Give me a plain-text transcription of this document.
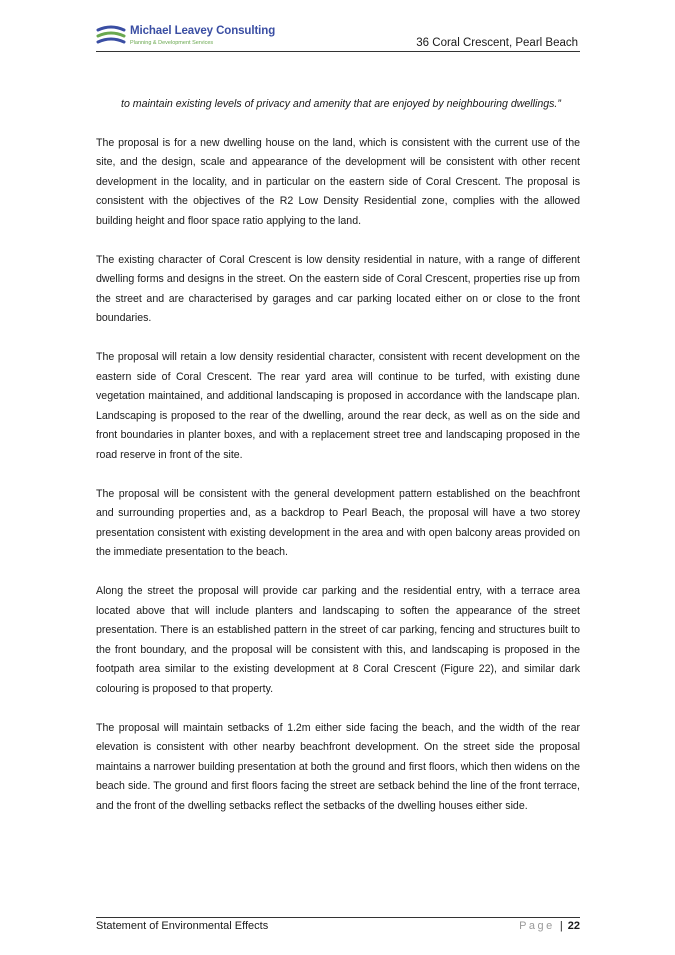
Michael Leavey Consulting
Planning & Development Services	36 Coral Crescent, Pearl Beach

to maintain existing levels of privacy and amenity that are enjoyed by neighbouring dwellings.”

The proposal is for a new dwelling house on the land, which is consistent with the current use of the site, and the design, scale and appearance of the development will be consistent with other recent development in the locality, and in particular on the eastern side of Coral Crescent. The proposal is consistent with the objectives of the R2 Low Density Residential zone, complies with the allowed building height and floor space ratio applying to the land.

The existing character of Coral Crescent is low density residential in nature, with a range of different dwelling forms and designs in the street. On the eastern side of Coral Crescent, properties rise up from the street and are characterised by garages and car parking located either on or close to the front boundaries.

The proposal will retain a low density residential character, consistent with recent development on the eastern side of Coral Crescent. The rear yard area will continue to be turfed, with existing dune vegetation maintained, and additional landscaping is proposed in accordance with the landscape plan. Landscaping is proposed to the rear of the dwelling, around the rear deck, as well as on the side and front boundaries in planter boxes, and with a replacement street tree and landscaping proposed in the road reserve in front of the site.

The proposal will be consistent with the general development pattern established on the beachfront and surrounding properties and, as a backdrop to Pearl Beach, the proposal will have a two storey presentation consistent with existing development in the area and with open balcony areas provided on the immediate presentation to the beach.

Along the street the proposal will provide car parking and the residential entry, with a terrace area located above that will include planters and landscaping to soften the appearance of the street presentation. There is an established pattern in the street of car parking, fencing and structures built to the front boundary, and the proposal will be consistent with this, and landscaping is proposed in the footpath area similar to the existing development at 8 Coral Crescent (Figure 22), and similar dark colouring is proposed to that property.

The proposal will maintain setbacks of 1.2m either side facing the beach, and the width of the rear elevation is consistent with other nearby beachfront development. On the street side the proposal maintains a narrower building presentation at both the ground and first floors, which then widens on the beach side. The ground and first floors facing the street are setback behind the line of the front terrace, and the front of the dwelling setbacks reflect the setbacks of the dwelling houses either side.

Statement of Environmental Effects	Page | 22
